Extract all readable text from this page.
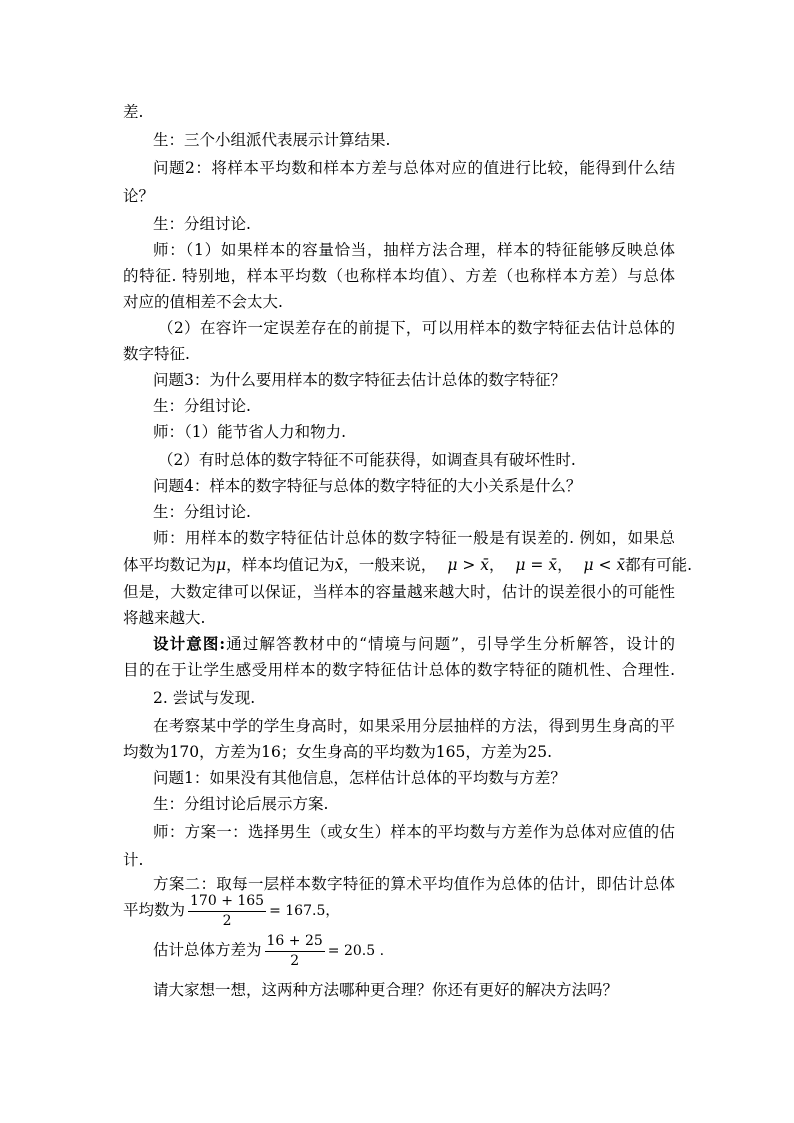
差.
生：三个小组派代表展示计算结果.
问题2：将样本平均数和样本方差与总体对应的值进行比较，能得到什么结
论？
生：分组讨论.
师：（1）如果样本的容量恰当，抽样方法合理，样本的特征能够反映总体
的特征. 特别地，样本平均数（也称样本均值）、方差（也称样本方差）与总体
对应的值相差不会太大.
（2）在容许一定误差存在的前提下，可以用样本的数字特征去估计总体的
数字特征.
问题3：为什么要用样本的数字特征去估计总体的数字特征？
生：分组讨论.
师：（1）能节省人力和物力.
（2）有时总体的数字特征不可能获得，如调查具有破坏性时.
问题4：样本的数字特征与总体的数字特征的大小关系是什么？
生：分组讨论.
师：用样本的数字特征估计总体的数字特征一般是有误差的. 例如，如果总
体平均数记为μ，样本均值记为x̄，一般来说， μ > x̄， μ = x̄， μ < x̄都有可能.
但是，大数定律可以保证，当样本的容量越来越大时，估计的误差很小的可能性
将越来越大.
设计意图:通过解答教材中的“情境与问题”，引导学生分析解答，设计的
目的在于让学生感受用样本的数字特征估计总体的数字特征的随机性、合理性.
2. 尝试与发现.
在考察某中学的学生身高时，如果采用分层抽样的方法，得到男生身高的平
均数为170，方差为16；女生身高的平均数为165，方差为25.
问题1：如果没有其他信息，怎样估计总体的平均数与方差？
生：分组讨论后展示方案.
师：方案一：选择男生（或女生）样本的平均数与方差作为总体对应值的估
计.
方案二：取每一层样本数字特征的算术平均值作为总体的估计，即估计总体
平均数为 $\frac{170 + 165}{2} = 167.5$，
估计总体方差为 $\frac{16 + 25}{2} = 20.5$ .
请大家想一想，这两种方法哪种更合理？你还有更好的解决方法吗？
